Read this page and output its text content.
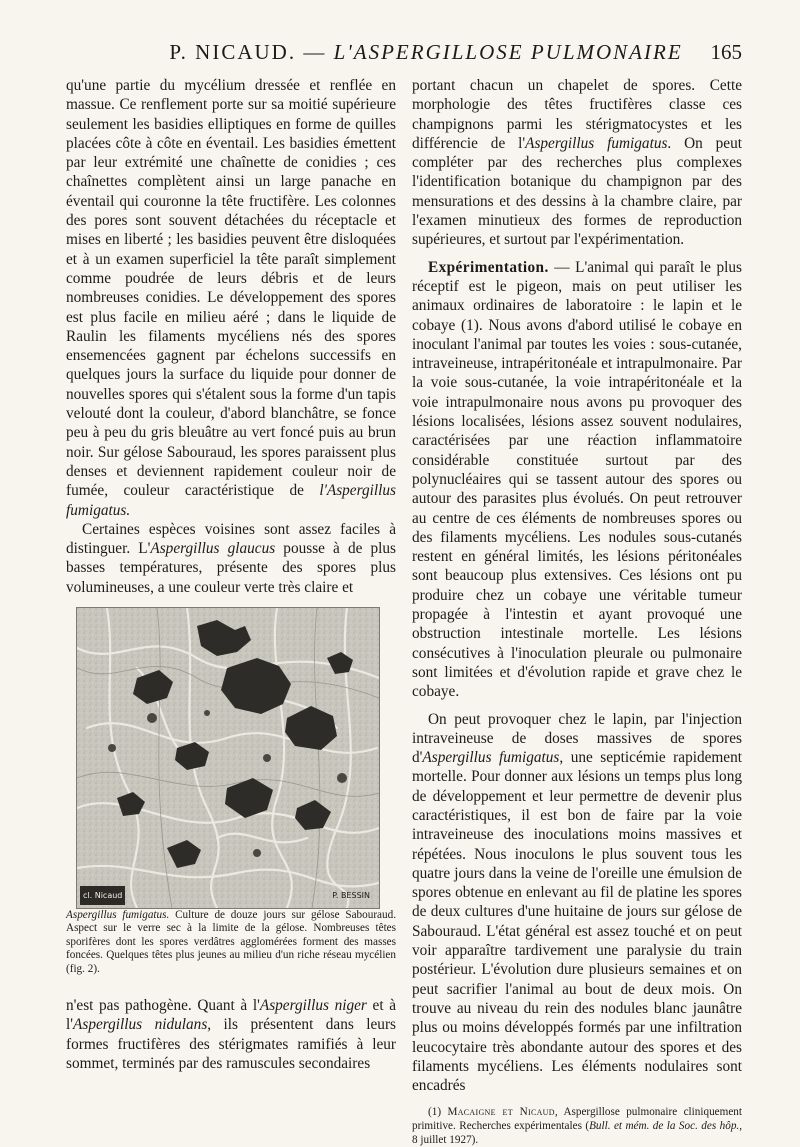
P. NICAUD. — L'ASPERGILLOSE PULMONAIRE 165

qu'une partie du mycélium dressée et renflée en massue. Ce renflement porte sur sa moitié supérieure seulement les basidies elliptiques en forme de quilles placées côte à côte en éventail. Les basidies émettent par leur extrémité une chaînette de conidies ; ces chaînettes complètent ainsi un large panache en éventail qui couronne la tête fructifère. Les colonnes des pores sont souvent détachées du réceptacle et mises en liberté ; les basidies peuvent être disloquées et à un examen superficiel la tête paraît simplement comme poudrée de leurs débris et de leurs nombreuses conidies. Le développement des spores est plus facile en milieu aéré ; dans le liquide de Raulin les filaments mycéliens nés des spores ensemencées gagnent par échelons successifs en quelques jours la surface du liquide pour donner de nouvelles spores qui s'étalent sous la forme d'un tapis velouté dont la couleur, d'abord blanchâtre, se fonce peu à peu du gris bleuâtre au vert foncé puis au brun noir. Sur gélose Sabouraud, les spores paraissent plus denses et deviennent rapidement couleur noir de fumée, couleur caractéristique de l'Aspergillus fumigatus.

Certaines espèces voisines sont assez faciles à distinguer. L'Aspergillus glaucus pousse à de plus basses températures, présente des spores plus volumineuses, a une couleur verte très claire et

cl. Nicaud	P. BESSIN

Aspergillus fumigatus. Culture de douze jours sur gélose Sabouraud. Aspect sur le verre sec à la limite de la gélose. Nombreuses têtes sporifères dont les spores verdâtres agglomérées forment des masses foncées. Quelques têtes plus jeunes au milieu d'un riche réseau mycélien (fig. 2).

n'est pas pathogène. Quant à l'Aspergillus niger et à l'Aspergillus nidulans, ils présentent dans leurs formes fructifères des stérigmates ramifiés à leur sommet, terminés par des ramuscules secondaires

portant chacun un chapelet de spores. Cette morphologie des têtes fructifères classe ces champignons parmi les stérigmatocystes et les différencie de l'Aspergillus fumigatus. On peut compléter par des recherches plus complexes l'identification botanique du champignon par des mensurations et des dessins à la chambre claire, par l'examen minutieux des formes de reproduction supérieures, et surtout par l'expérimentation.

Expérimentation. — L'animal qui paraît le plus réceptif est le pigeon, mais on peut utiliser les animaux ordinaires de laboratoire : le lapin et le cobaye (1). Nous avons d'abord utilisé le cobaye en inoculant l'animal par toutes les voies : sous-cutanée, intraveineuse, intrapéritonéale et intrapulmonaire. Par la voie sous-cutanée, la voie intrapéritonéale et la voie intrapulmonaire nous avons pu provoquer des lésions localisées, lésions assez souvent nodulaires, caractérisées par une réaction inflammatoire considérable constituée surtout par des polynucléaires qui se tassent autour des spores ou autour des parasites plus évolués. On peut retrouver au centre de ces éléments de nombreuses spores ou des filaments mycéliens. Les nodules sous-cutanés restent en général limités, les lésions péritonéales sont beaucoup plus extensives. Ces lésions ont pu produire chez un cobaye une véritable tumeur propagée à l'intestin et ayant provoqué une obstruction intestinale mortelle. Les lésions consécutives à l'inoculation pleurale ou pulmonaire sont limitées et d'évolution rapide et grave chez le cobaye.

On peut provoquer chez le lapin, par l'injection intraveineuse de doses massives de spores d'Aspergillus fumigatus, une septicémie rapidement mortelle. Pour donner aux lésions un temps plus long de développement et leur permettre de devenir plus caractéristiques, il est bon de faire par la voie intraveineuse des inoculations moins massives et répétées. Nous inoculons le plus souvent tous les quatre jours dans la veine de l'oreille une émulsion de spores obtenue en enlevant au fil de platine les spores de deux cultures d'une huitaine de jours sur gélose de Sabouraud. L'état général est assez touché et on peut voir apparaître tardivement une paralysie du train postérieur. L'évolution dure plusieurs semaines et on peut sacrifier l'animal au bout de deux mois. On trouve au niveau du rein des nodules blanc jaunâtre plus ou moins développés formés par une infiltration leucocytaire très abondante autour des spores et des filaments mycéliens. Les éléments nodulaires sont encadrés

(1) Macaigne et Nicaud, Aspergillose pulmonaire cliniquement primitive. Recherches expérimentales (Bull. et mém. de la Soc. des hôp., 8 juillet 1927).
